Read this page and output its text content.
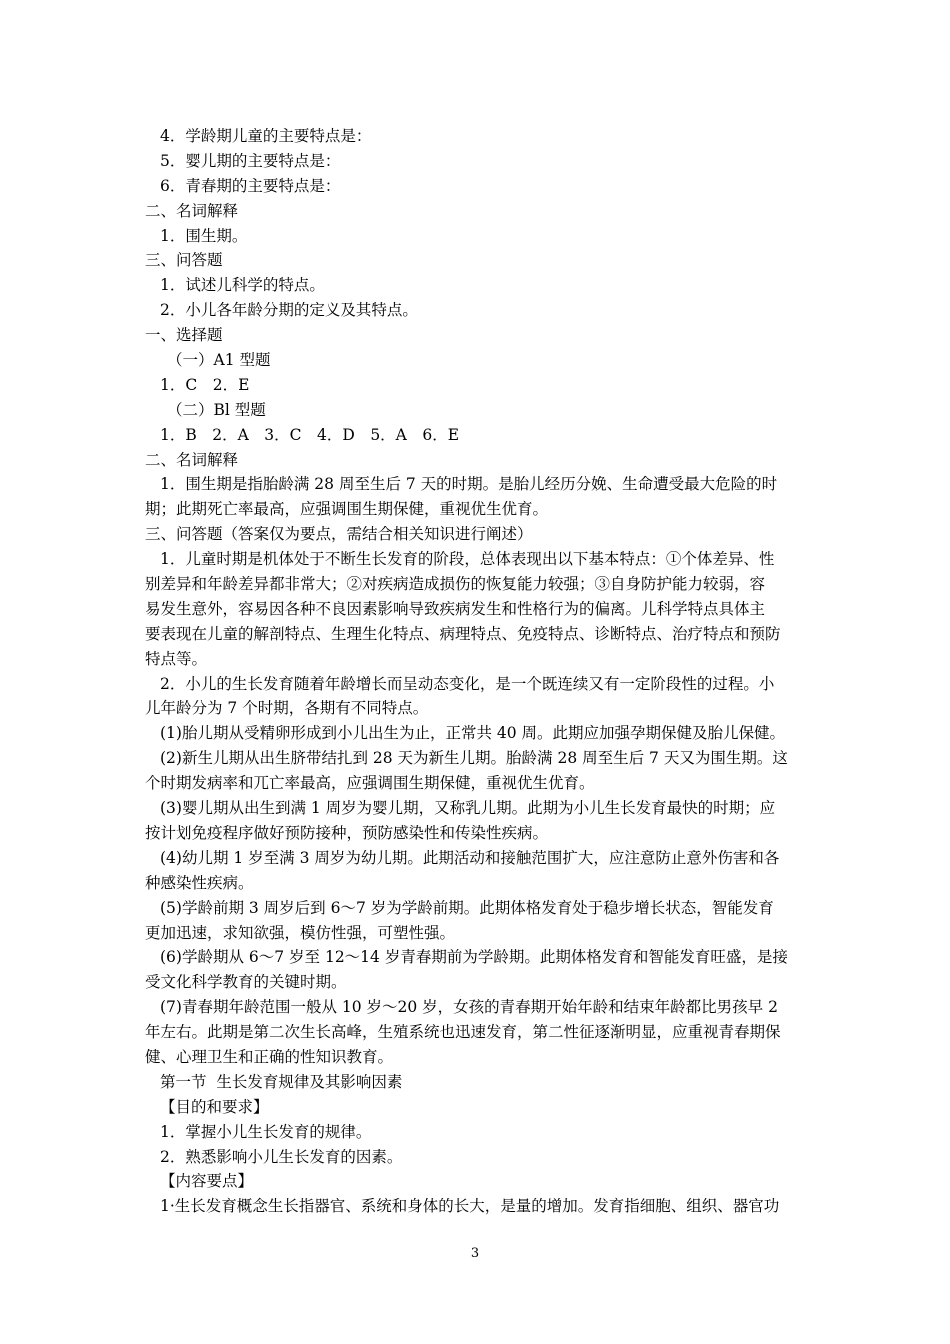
4．学龄期儿童的主要特点是：
5．婴儿期的主要特点是：
6．青春期的主要特点是：
二、名词解释
1．围生期。
三、问答题
1．试述儿科学的特点。
2．小儿各年龄分期的定义及其特点。
一、选择题
（一）A1 型题
1．C　2．E
（二）Bl 型题
1．B　2．A　3．C　4．D　5．A　6．E
二、名词解释
1．围生期是指胎龄满 28 周至生后 7 天的时期。是胎儿经历分娩、生命遭受最大危险的时
期；此期死亡率最高，应强调围生期保健，重视优生优育。
三、问答题（答案仅为要点，需结合相关知识进行阐述）
1．儿童时期是机体处于不断生长发育的阶段，总体表现出以下基本特点：①个体差异、性
别差异和年龄差异都非常大；②对疾病造成损伤的恢复能力较强；③自身防护能力较弱，容
易发生意外，容易因各种不良因素影响导致疾病发生和性格行为的偏离。儿科学特点具体主
要表现在儿童的解剖特点、生理生化特点、病理特点、免疫特点、诊断特点、治疗特点和预防
特点等。
2．小儿的生长发育随着年龄增长而呈动态变化，是一个既连续又有一定阶段性的过程。小
儿年龄分为 7 个时期，各期有不同特点。
(1)胎儿期从受精卵形成到小儿出生为止，正常共 40 周。此期应加强孕期保健及胎儿保健。
(2)新生儿期从出生脐带结扎到 28 天为新生儿期。胎龄满 28 周至生后 7 天又为围生期。这
个时期发病率和兀亡率最高，应强调围生期保健，重视优生优育。
(3)婴儿期从出生到满 1 周岁为婴儿期，又称乳儿期。此期为小儿生长发育最快的时期；应
按计划免疫程序做好预防接种，预防感染性和传染性疾病。
(4)幼儿期 1 岁至满 3 周岁为幼儿期。此期活动和接触范围扩大，应注意防止意外伤害和各
种感染性疾病。
(5)学龄前期 3 周岁后到 6～7 岁为学龄前期。此期体格发育处于稳步增长状态，智能发育
更加迅速，求知欲强，模仿性强，可塑性强。
(6)学龄期从 6～7 岁至 12～14 岁青春期前为学龄期。此期体格发育和智能发育旺盛，是接
受文化科学教育的关键时期。
(7)青春期年龄范围一般从 10 岁～20 岁，女孩的青春期开始年龄和结束年龄都比男孩早 2
年左右。此期是第二次生长高峰，生殖系统也迅速发育，第二性征逐渐明显，应重视青春期保
健、心理卫生和正确的性知识教育。
第一节  生长发育规律及其影响因素
【目的和要求】
1．掌握小儿生长发育的规律。
2．熟悉影响小儿生长发育的因素。
【内容要点】
1·生长发育概念生长指器官、系统和身体的长大，是量的增加。发育指细胞、组织、器官功
3
